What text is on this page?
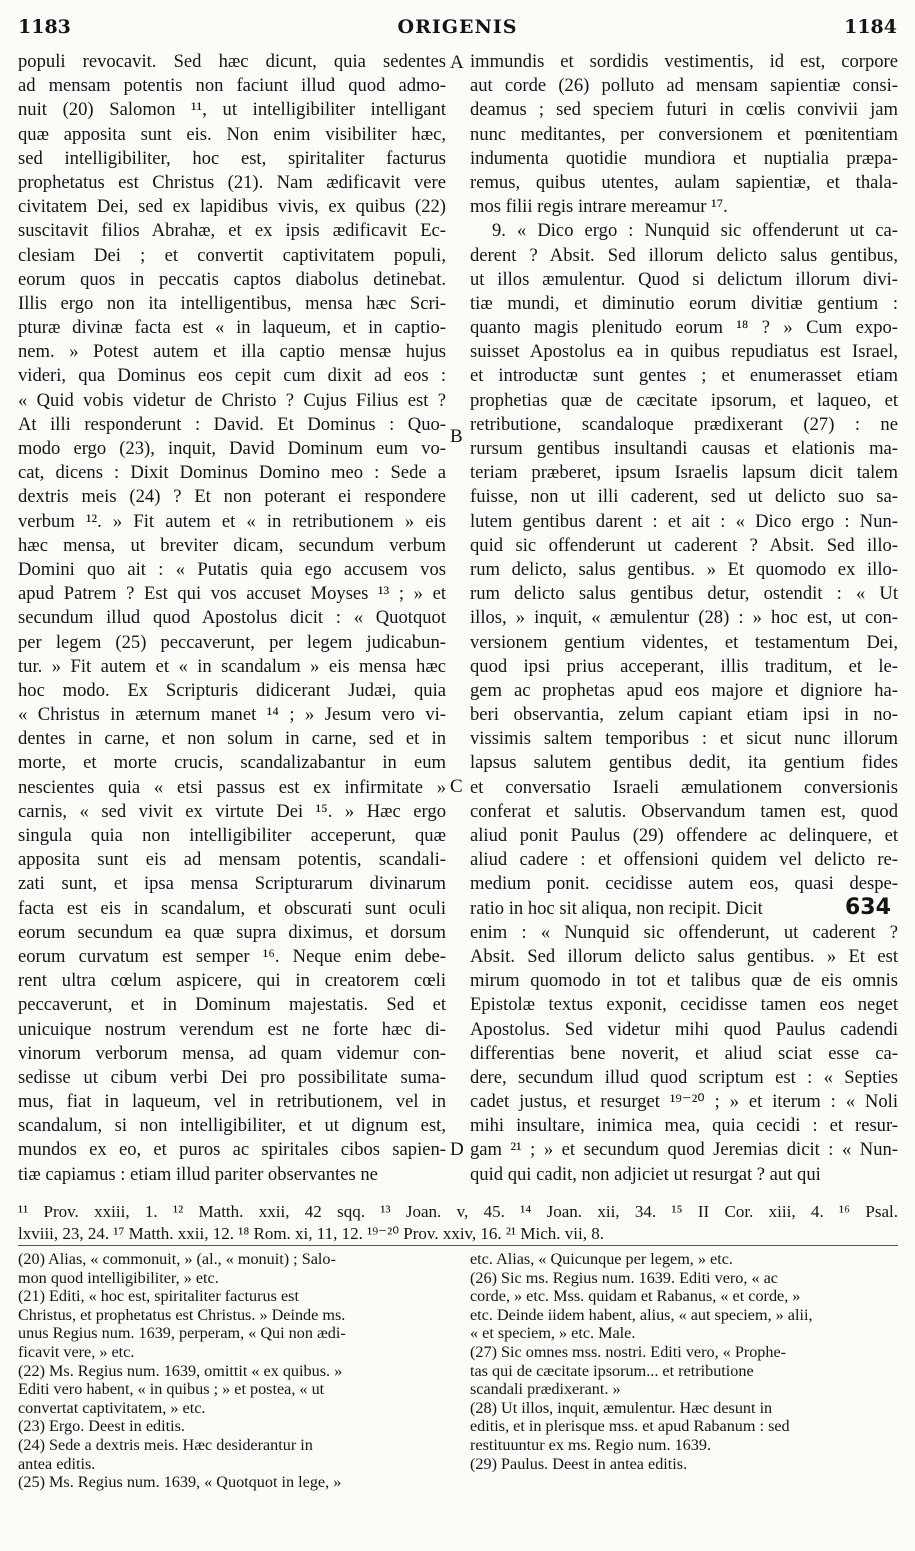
1183	ORIGENIS	1184
populi revocavit. Sed hæc dicunt, quia sedentes
ad mensam potentis non faciunt illud quod admo-
nuit (20) Salomon ¹¹, ut intelligibiliter intelligant
quæ apposita sunt eis. Non enim visibiliter hæc,
sed intelligibiliter, hoc est, spiritaliter facturus
prophetatus est Christus (21). Nam ædificavit vere
civitatem Dei, sed ex lapidibus vivis, ex quibus (22)
suscitavit filios Abrahæ, et ex ipsis ædificavit Ec-
clesiam Dei ; et convertit captivitatem populi,
eorum quos in peccatis captos diabolus detinebat.
Illis ergo non ita intelligentibus, mensa hæc Scri-
pturæ divinæ facta est « in laqueum, et in captio-
nem. » Potest autem et illa captio mensæ hujus
videri, qua Dominus eos cepit cum dixit ad eos :
« Quid vobis videtur de Christo ? Cujus Filius est ?
At illi responderunt : David. Et Dominus : Quo-
modo ergo (23), inquit, David Dominum eum vo-
cat, dicens : Dixit Dominus Domino meo : Sede a
dextris meis (24) ? Et non poterant ei respondere
verbum ¹². » Fit autem et « in retributionem » eis
hæc mensa, ut breviter dicam, secundum verbum
Domini quo ait : « Putatis quia ego accusem vos
apud Patrem ? Est qui vos accuset Moyses ¹³ ; » et
secundum illud quod Apostolus dicit : « Quotquot
per legem (25) peccaverunt, per legem judicabun-
tur. » Fit autem et « in scandalum » eis mensa hæc
hoc modo. Ex Scripturis didicerant Judæi, quia
« Christus in æternum manet ¹⁴ ; » Jesum vero vi-
dentes in carne, et non solum in carne, sed et in
morte, et morte crucis, scandalizabantur in eum
nescientes quia « etsi passus est ex infirmitate »
carnis, « sed vivit ex virtute Dei ¹⁵. » Hæc ergo
singula quia non intelligibiliter acceperunt, quæ
apposita sunt eis ad mensam potentis, scandali-
zati sunt, et ipsa mensa Scripturarum divinarum
facta est eis in scandalum, et obscurati sunt oculi
eorum secundum ea quæ supra diximus, et dorsum
eorum curvatum est semper ¹⁶. Neque enim debe-
rent ultra cœlum aspicere, qui in creatorem cœli
peccaverunt, et in Dominum majestatis. Sed et
unicuique nostrum verendum est ne forte hæc di-
vinorum verborum mensa, ad quam videmur con-
sedisse ut cibum verbi Dei pro possibilitate suma-
mus, fiat in laqueum, vel in retributionem, vel in
scandalum, si non intelligibiliter, et ut dignum est,
mundos ex eo, et puros ac spiritales cibos sapien-
tiæ capiamus : etiam illud pariter observantes ne
immundis et sordidis vestimentis, id est, corpore
aut corde (26) polluto ad mensam sapientiæ consi-
deamus ; sed speciem futuri in cœlis convivii jam
nunc meditantes, per conversionem et pœnitentiam
indumenta quotidie mundiora et nuptialia præpa-
remus, quibus utentes, aulam sapientiæ, et thala-
mos filii regis intrare mereamur ¹⁷.
9. « Dico ergo : Nunquid sic offenderunt ut ca-
derent ? Absit. Sed illorum delicto salus gentibus,
ut illos æmulentur. Quod si delictum illorum divi-
tiæ mundi, et diminutio eorum divitiæ gentium :
quanto magis plenitudo eorum ¹⁸ ? » Cum expo-
suisset Apostolus ea in quibus repudiatus est Israel,
et introductæ sunt gentes ; et enumerasset etiam
prophetias quæ de cæcitate ipsorum, et laqueo, et
retributione, scandaloque prædixerant (27) : ne
rursum gentibus insultandi causas et elationis ma-
teriam præberet, ipsum Israelis lapsum dicit talem
fuisse, non ut illi caderent, sed ut delicto suo sa-
lutem gentibus darent : et ait : « Dico ergo : Nun-
quid sic offenderunt ut caderent ? Absit. Sed illo-
rum delicto, salus gentibus. » Et quomodo ex illo-
rum delicto salus gentibus detur, ostendit : « Ut
illos, » inquit, « æmulentur (28) : » hoc est, ut con-
versionem gentium videntes, et testamentum Dei,
quod ipsi prius acceperant, illis traditum, et le-
gem ac prophetas apud eos majore et digniore ha-
beri observantia, zelum capiant etiam ipsi in no-
vissimis saltem temporibus : et sicut nunc illorum
lapsus salutem gentibus dedit, ita gentium fides
et conversatio Israeli æmulationem conversionis
conferat et salutis. Observandum tamen est, quod
aliud ponit Paulus (29) offendere ac delinquere, et
aliud cadere : et offensioni quidem vel delicto re-
medium ponit. cecidisse autem eos, quasi despe-
ratio in hoc sit aliqua, non recipit. Dicit
enim : « Nunquid sic offenderunt, ut caderent ?
Absit. Sed illorum delicto salus gentibus. » Et est
mirum quomodo in tot et talibus quæ de eis omnis
Epistolæ textus exponit, cecidisse tamen eos neget
Apostolus. Sed videtur mihi quod Paulus cadendi
differentias bene noverit, et aliud sciat esse ca-
dere, secundum illud quod scriptum est : « Septies
cadet justus, et resurget ¹⁹⁻²⁰ ; » et iterum : « Noli
mihi insultare, inimica mea, quia cecidi : et resur-
gam ²¹ ; » et secundum quod Jeremias dicit : « Nun-
quid qui cadit, non adjiciet ut resurgat ? aut qui
A
B
C
D
634
¹¹ Prov. xxiii, 1. ¹² Matth. xxii, 42 sqq. ¹³ Joan. v, 45. ¹⁴ Joan. xii, 34. ¹⁵ II Cor. xiii, 4. ¹⁶ Psal.
lxviii, 23, 24. ¹⁷ Matth. xxii, 12. ¹⁸ Rom. xi, 11, 12. ¹⁹⁻²⁰ Prov. xxiv, 16. ²¹ Mich. vii, 8.
(20) Alias, « commonuit, » (al., « monuit) ; Salo-
mon quod intelligibiliter, » etc.
(21) Editi, « hoc est, spiritaliter facturus est
Christus, et prophetatus est Christus. » Deinde ms.
unus Regius num. 1639, perperam, « Qui non ædi-
ficavit vere, » etc.
(22) Ms. Regius num. 1639, omittit « ex quibus. »
Editi vero habent, « in quibus ; » et postea, « ut
convertat captivitatem, » etc.
(23) Ergo. Deest in editis.
(24) Sede a dextris meis. Hæc desiderantur in
antea editis.
(25) Ms. Regius num. 1639, « Quotquot in lege, »
etc. Alias, « Quicunque per legem, » etc.
(26) Sic ms. Regius num. 1639. Editi vero, « ac
corde, » etc. Mss. quidam et Rabanus, « et corde, »
etc. Deinde iidem habent, alius, « aut speciem, » alii,
« et speciem, » etc. Male.
(27) Sic omnes mss. nostri. Editi vero, « Prophe-
tas qui de cæcitate ipsorum... et retributione
scandali prædixerant. »
(28) Ut illos, inquit, æmulentur. Hæc desunt in
editis, et in plerisque mss. et apud Rabanum : sed
restituuntur ex ms. Regio num. 1639.
(29) Paulus. Deest in antea editis.
